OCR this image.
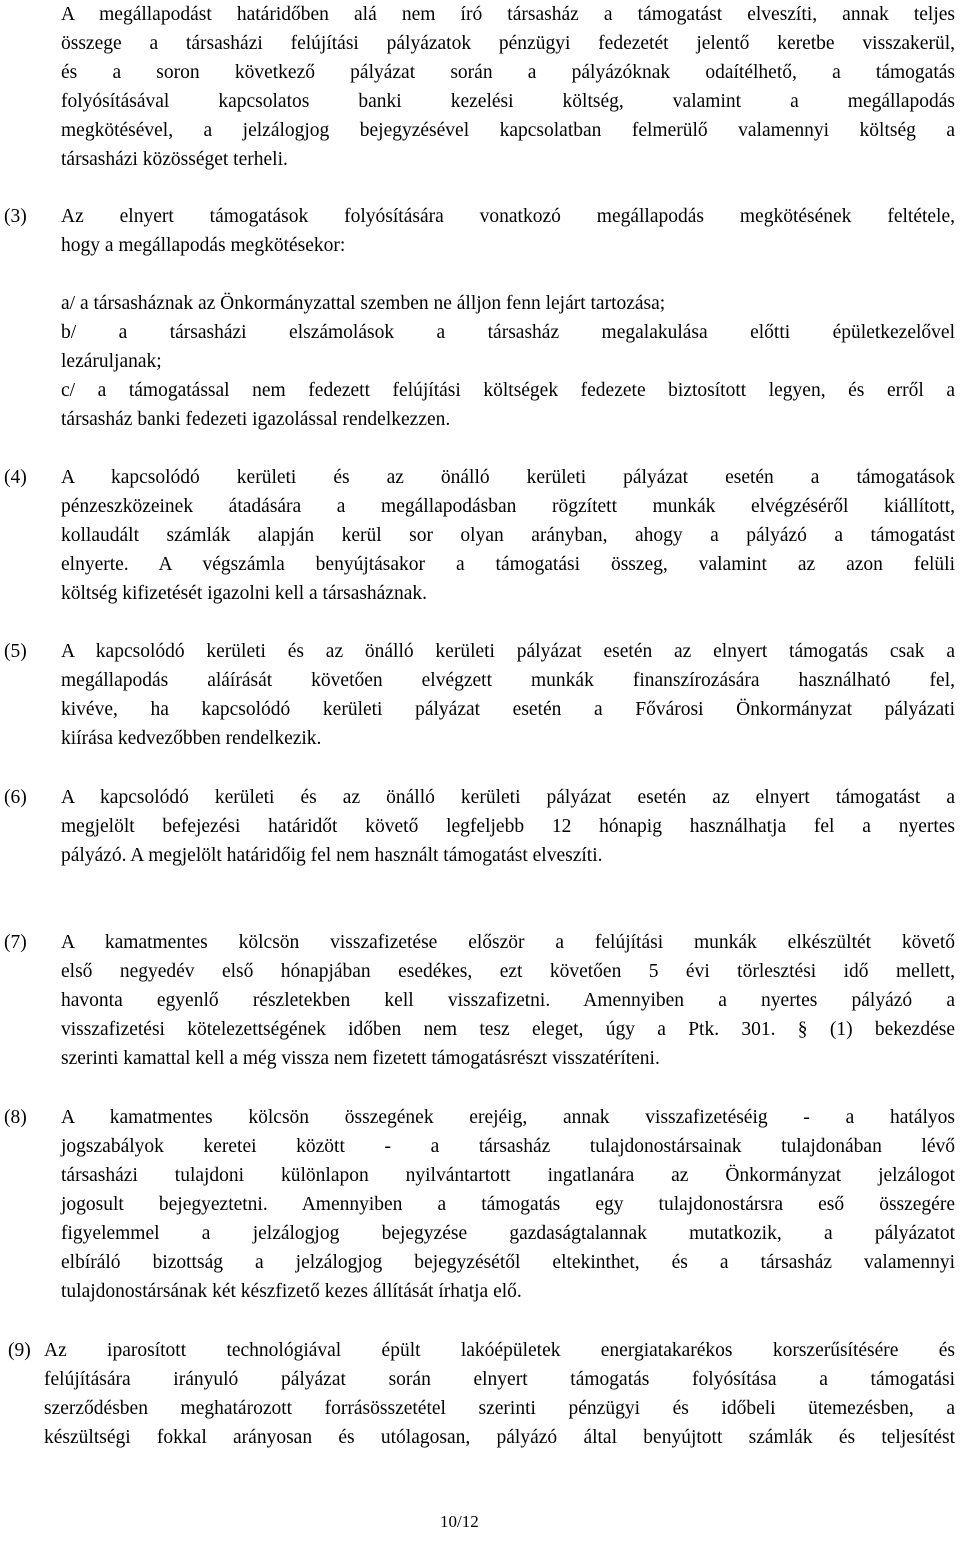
A megállapodást határidőben alá nem író társasház a támogatást elveszíti, annak teljes
összege a társasházi felújítási pályázatok pénzügyi fedezetét jelentő keretbe visszakerül,
és a soron következő pályázat során a pályázóknak odaítélhető, a támogatás
folyósításával kapcsolatos banki kezelési költség, valamint a megállapodás
megkötésével, a jelzálogjog bejegyzésével kapcsolatban felmerülő valamennyi költség a
társasházi közösséget terheli.
(3) Az elnyert támogatások folyósítására vonatkozó megállapodás megkötésének feltétele,
hogy a megállapodás megkötésekor:
a/ a társasháznak az Önkormányzattal szemben ne álljon fenn lejárt tartozása;
b/ a társasházi elszámolások a társasház megalakulása előtti épületkezelővel
lezáruljanak;
c/ a támogatással nem fedezett felújítási költségek fedezete biztosított legyen, és erről a
társasház banki fedezeti igazolással rendelkezzen.
(4) A kapcsolódó kerületi és az önálló kerületi pályázat esetén a támogatások
pénzeszközeinek átadására a megállapodásban rögzített munkák elvégzéséről kiállított,
kollaudált számlák alapján kerül sor olyan arányban, ahogy a pályázó a támogatást
elnyerte. A végszámla benyújtásakor a támogatási összeg, valamint az azon felüli
költség kifizetését igazolni kell a társasháznak.
(5) A kapcsolódó kerületi és az önálló kerületi pályázat esetén az elnyert támogatás csak a
megállapodás aláírását követően elvégzett munkák finanszírozására használható fel,
kivéve, ha kapcsolódó kerületi pályázat esetén a Fővárosi Önkormányzat pályázati
kiírása kedvezőbben rendelkezik.
(6) A kapcsolódó kerületi és az önálló kerületi pályázat esetén az elnyert támogatást a
megjelölt befejezési határidőt követő legfeljebb 12 hónapig használhatja fel a nyertes
pályázó. A megjelölt határidőig fel nem használt támogatást elveszíti.
(7) A kamatmentes kölcsön visszafizetése először a felújítási munkák elkészültét követő
első negyedév első hónapjában esedékes, ezt követően 5 évi törlesztési idő mellett,
havonta egyenlő részletekben kell visszafizetni. Amennyiben a nyertes pályázó a
visszafizetési kötelezettségének időben nem tesz eleget, úgy a Ptk. 301. § (1) bekezdése
szerinti kamattal kell a még vissza nem fizetett támogatásrészt visszatéríteni.
(8) A kamatmentes kölcsön összegének erejéig, annak visszafizetéséig - a hatályos
jogszabályok keretei között - a társasház tulajdonostársainak tulajdonában lévő
társasházi tulajdoni különlapon nyilvántartott ingatlanára az Önkormányzat jelzálogot
jogosult bejegyeztetni. Amennyiben a támogatás egy tulajdonostársra eső összegére
figyelemmel a jelzálogjog bejegyzése gazdaságtalannak mutatkozik, a pályázatot
elbíráló bizottság a jelzálogjog bejegyzésétől eltekinthet, és a társasház valamennyi
tulajdonostársának két készfizető kezes állítását írhatja elő.
(9) Az iparosított technológiával épült lakóépületek energiatakarékos korszerűsítésére és
felújítására irányuló pályázat során elnyert támogatás folyósítása a támogatási
szerződésben meghatározott forrásösszetétel szerinti pénzügyi és időbeli ütemezésben, a
készültségi fokkal arányosan és utólagosan, pályázó által benyújtott számlák és teljesítést
10/12
